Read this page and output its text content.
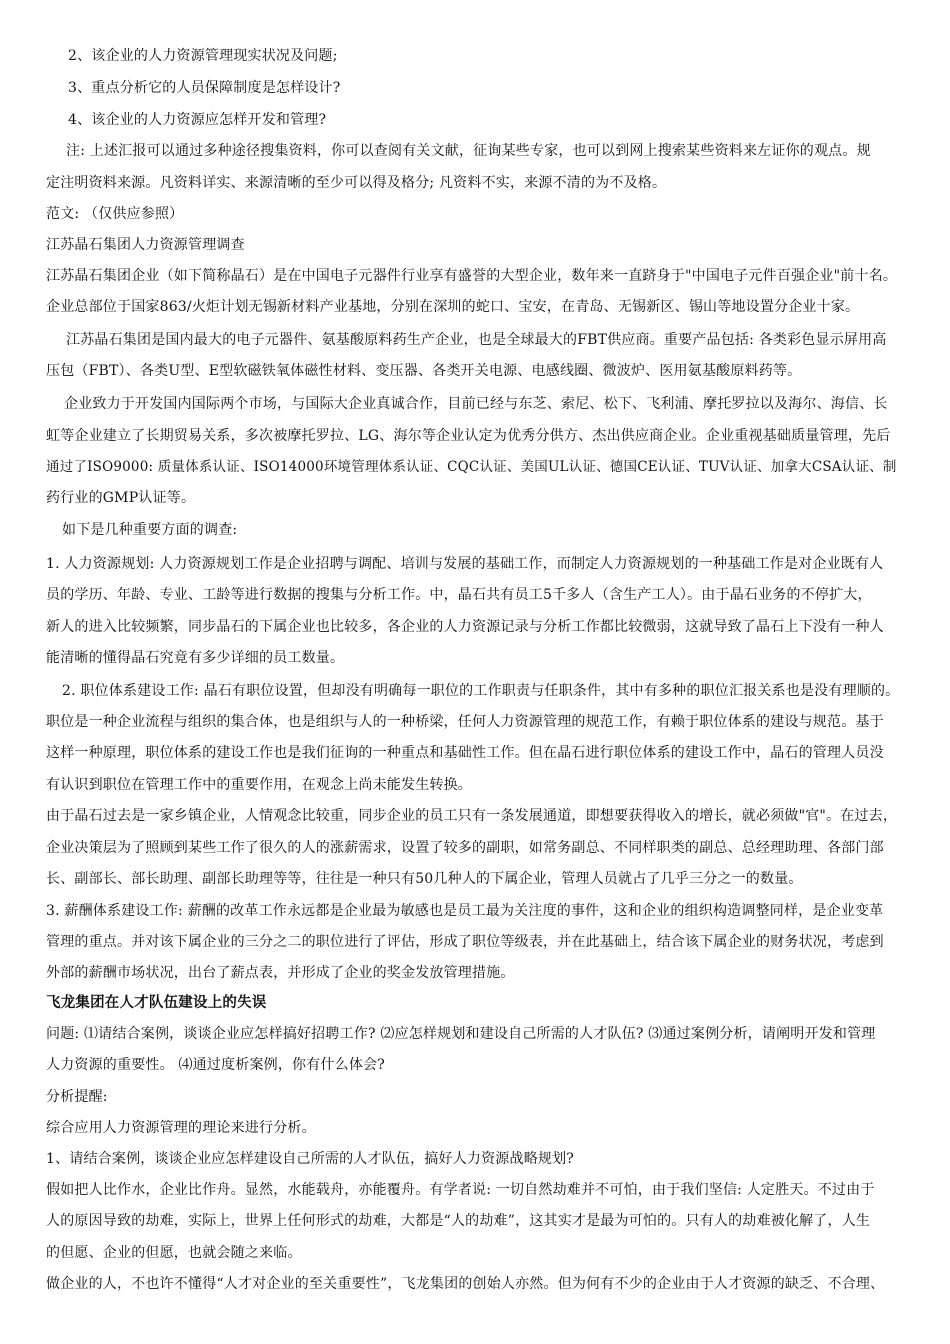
2、该企业的人力资源管理现实状况及问题;
3、重点分析它的人员保障制度是怎样设计?
4、该企业的人力资源应怎样开发和管理?
注: 上述汇报可以通过多种途径搜集资料，你可以查阅有关文献，征询某些专家，也可以到网上搜索某些资料来左证你的观点。规
定注明资料来源。凡资料详实、来源清晰的至少可以得及格分; 凡资料不实，来源不清的为不及格。
范文: （仅供应参照）
江苏晶石集团人力资源管理调查
江苏晶石集团企业（如下简称晶石）是在中国电子元器件行业享有盛誉的大型企业，数年来一直跻身于"中国电子元件百强企业"前十名。
企业总部位于国家863/火炬计划无锡新材料产业基地，分别在深圳的蛇口、宝安，在青岛、无锡新区、锡山等地设置分企业十家。
江苏晶石集团是国内最大的电子元器件、氨基酸原料药生产企业，也是全球最大的FBT供应商。重要产品包括: 各类彩色显示屏用高
压包（FBT）、各类U型、E型软磁铁氧体磁性材料、变压器、各类开关电源、电感线圈、微波炉、医用氨基酸原料药等。
企业致力于开发国内国际两个市场，与国际大企业真诚合作，目前已经与东芝、索尼、松下、飞利浦、摩托罗拉以及海尔、海信、长
虹等企业建立了长期贸易关系，多次被摩托罗拉、LG、海尔等企业认定为优秀分供方、杰出供应商企业。企业重视基础质量管理，先后
通过了ISO9000: 质量体系认证、ISO14000环境管理体系认证、CQC认证、美国UL认证、德国CE认证、TUV认证、加拿大CSA认证、制
药行业的GMP认证等。
如下是几种重要方面的调查:
1. 人力资源规划: 人力资源规划工作是企业招聘与调配、培训与发展的基础工作，而制定人力资源规划的一种基础工作是对企业既有人
员的学历、年龄、专业、工龄等进行数据的搜集与分析工作。中，晶石共有员工5千多人（含生产工人）。由于晶石业务的不停扩大，
新人的进入比较频繁，同步晶石的下属企业也比较多，各企业的人力资源记录与分析工作都比较微弱，这就导致了晶石上下没有一种人
能清晰的懂得晶石究竟有多少详细的员工数量。
2. 职位体系建设工作: 晶石有职位设置，但却没有明确每一职位的工作职责与任职条件，其中有多种的职位汇报关系也是没有理顺的。
职位是一种企业流程与组织的集合体，也是组织与人的一种桥梁，任何人力资源管理的规范工作，有赖于职位体系的建设与规范。基于
这样一种原理，职位体系的建设工作也是我们征询的一种重点和基础性工作。但在晶石进行职位体系的建设工作中，晶石的管理人员没
有认识到职位在管理工作中的重要作用，在观念上尚未能发生转换。
由于晶石过去是一家乡镇企业，人情观念比较重，同步企业的员工只有一条发展通道，即想要获得收入的增长，就必须做"官"。在过去，
企业决策层为了照顾到某些工作了很久的人的涨薪需求，设置了较多的副职，如常务副总、不同样职类的副总、总经理助理、各部门部
长、副部长、部长助理、副部长助理等等，往往是一种只有50几种人的下属企业，管理人员就占了几乎三分之一的数量。
3. 薪酬体系建设工作: 薪酬的改革工作永远都是企业最为敏感也是员工最为关注度的事件，这和企业的组织构造调整同样，是企业变革
管理的重点。并对该下属企业的三分之二的职位进行了评估，形成了职位等级表，并在此基础上，结合该下属企业的财务状况，考虑到
外部的薪酬市场状况，出台了薪点表，并形成了企业的奖金发放管理措施。
飞龙集团在人才队伍建设上的失误
问题: ⑴请结合案例，谈谈企业应怎样搞好招聘工作? ⑵应怎样规划和建设自己所需的人才队伍? ⑶通过案例分析，请阐明开发和管理
人力资源的重要性。 ⑷通过度析案例，你有什么体会?
分析提醒:
综合应用人力资源管理的理论来进行分析。
1、请结合案例，谈谈企业应怎样建设自己所需的人才队伍，搞好人力资源战略规划?
假如把人比作水，企业比作舟。显然，水能载舟，亦能覆舟。有学者说: 一切自然劫难并不可怕，由于我们坚信: 人定胜天。不过由于
人的原因导致的劫难，实际上，世界上任何形式的劫难，大都是“人的劫难”，这其实才是最为可怕的。只有人的劫难被化解了，人生
的但愿、企业的但愿，也就会随之来临。
做企业的人，不也许不懂得“人才对企业的至关重要性”，飞龙集团的创始人亦然。但为何有不少的企业由于人才资源的缺乏、不合理、
